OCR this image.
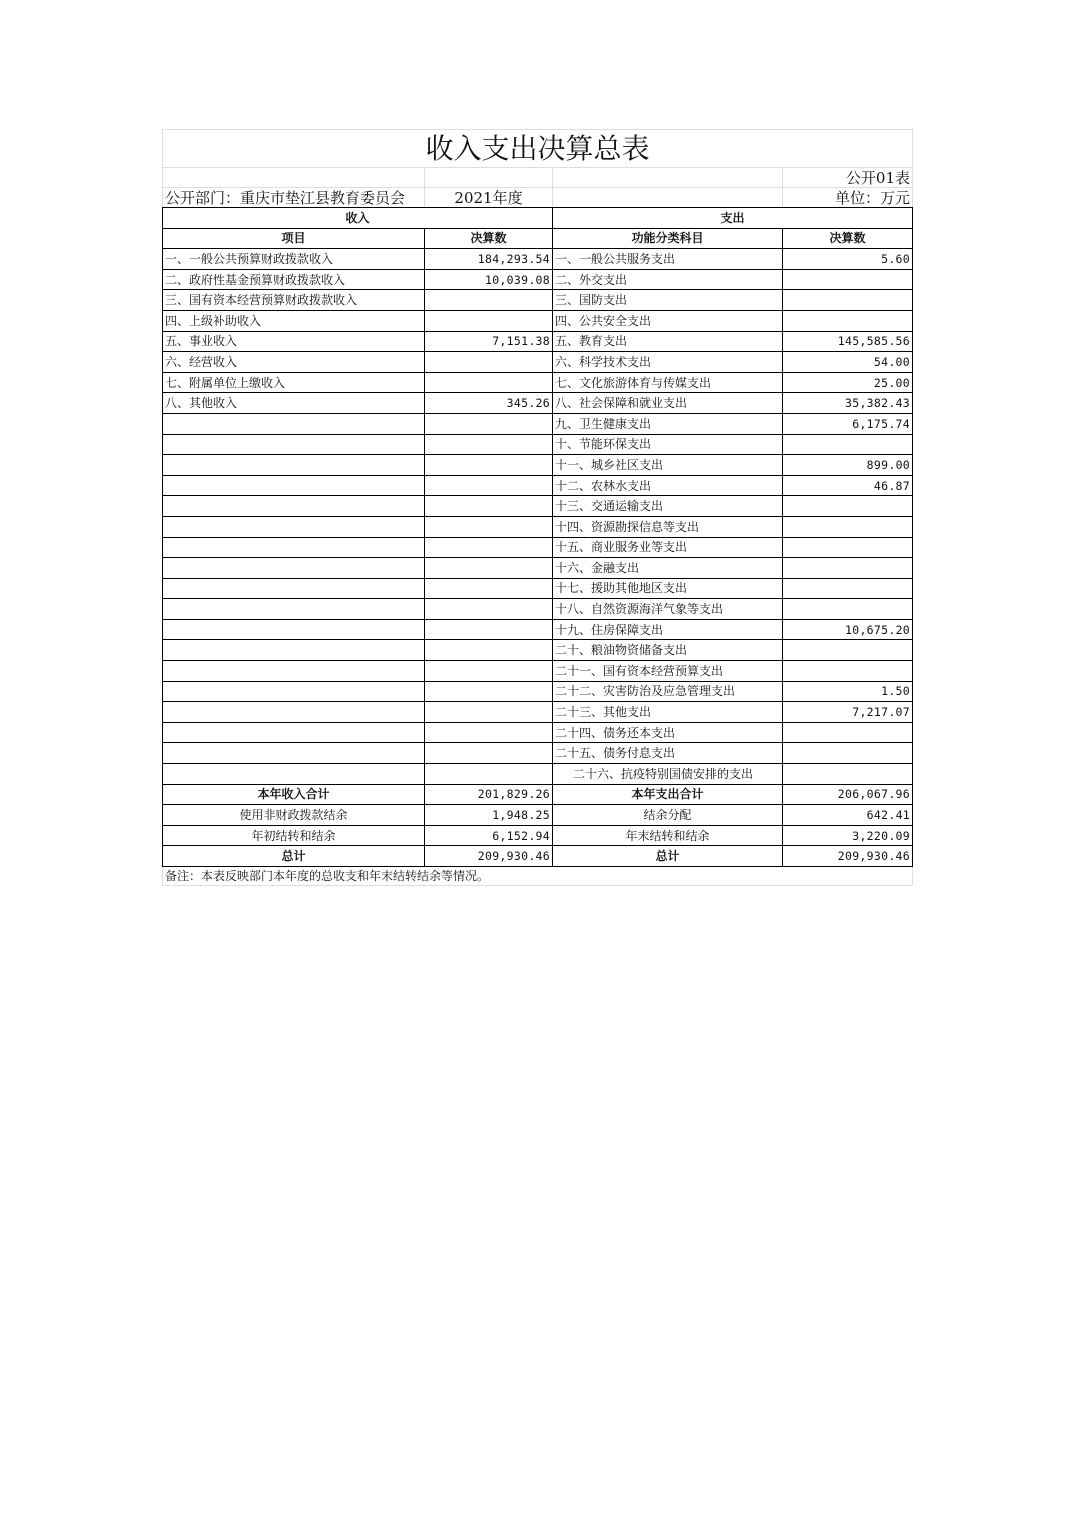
收入支出决算总表			
			公开01表
公开部门：重庆市垫江县教育委员会	2021年度		单位：万元
收入		支出	
项目	决算数	功能分类科目	决算数
一、一般公共预算财政拨款收入	184,293.54	一、一般公共服务支出	5.60
二、政府性基金预算财政拨款收入	10,039.08	二、外交支出	
三、国有资本经营预算财政拨款收入		三、国防支出	
四、上级补助收入		四、公共安全支出	
五、事业收入	7,151.38	五、教育支出	145,585.56
六、经营收入		六、科学技术支出	54.00
七、附属单位上缴收入		七、文化旅游体育与传媒支出	25.00
八、其他收入	345.26	八、社会保障和就业支出	35,382.43
		九、卫生健康支出	6,175.74
		十、节能环保支出	
		十一、城乡社区支出	899.00
		十二、农林水支出	46.87
		十三、交通运输支出	
		十四、资源勘探信息等支出	
		十五、商业服务业等支出	
		十六、金融支出	
		十七、援助其他地区支出	
		十八、自然资源海洋气象等支出	
		十九、住房保障支出	10,675.20
		二十、粮油物资储备支出	
		二十一、国有资本经营预算支出	
		二十二、灾害防治及应急管理支出	1.50
		二十三、其他支出	7,217.07
		二十四、债务还本支出	
		二十五、债务付息支出	
		二十六、抗疫特别国债安排的支出	
本年收入合计	201,829.26	本年支出合计	206,067.96
使用非财政拨款结余	1,948.25	结余分配	642.41
年初结转和结余	6,152.94	年末结转和结余	3,220.09
总计	209,930.46	总计	209,930.46
备注：本表反映部门本年度的总收支和年末结转结余等情况。			
